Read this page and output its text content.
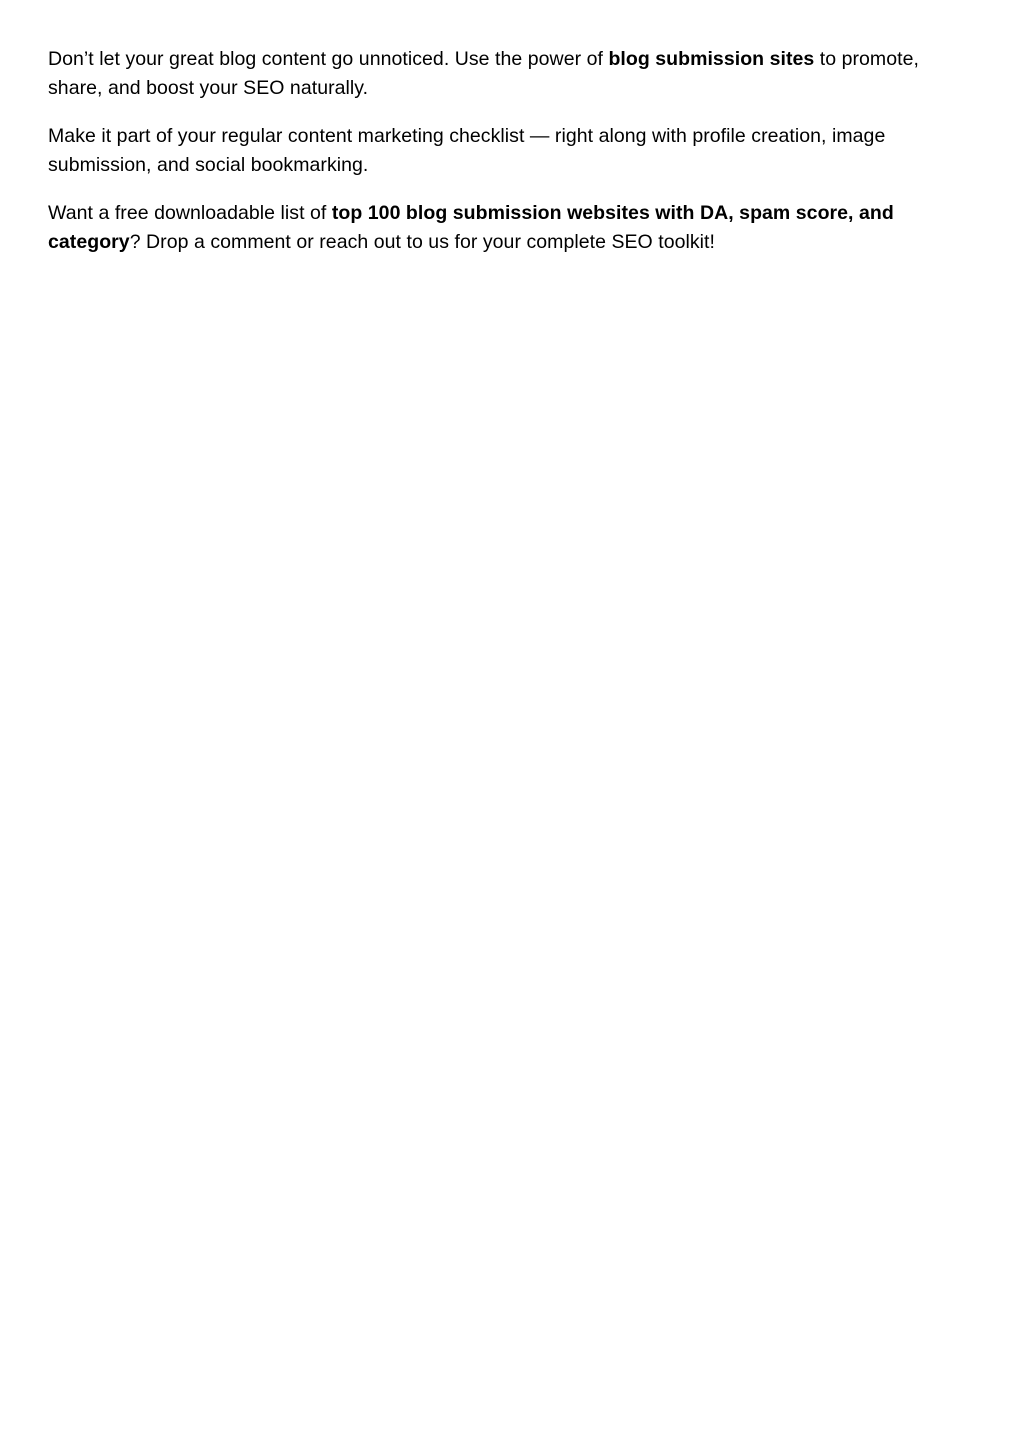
Don’t let your great blog content go unnoticed. Use the power of blog submission sites to promote, share, and boost your SEO naturally.

Make it part of your regular content marketing checklist — right along with profile creation, image submission, and social bookmarking.

Want a free downloadable list of top 100 blog submission websites with DA, spam score, and category? Drop a comment or reach out to us for your complete SEO toolkit!
